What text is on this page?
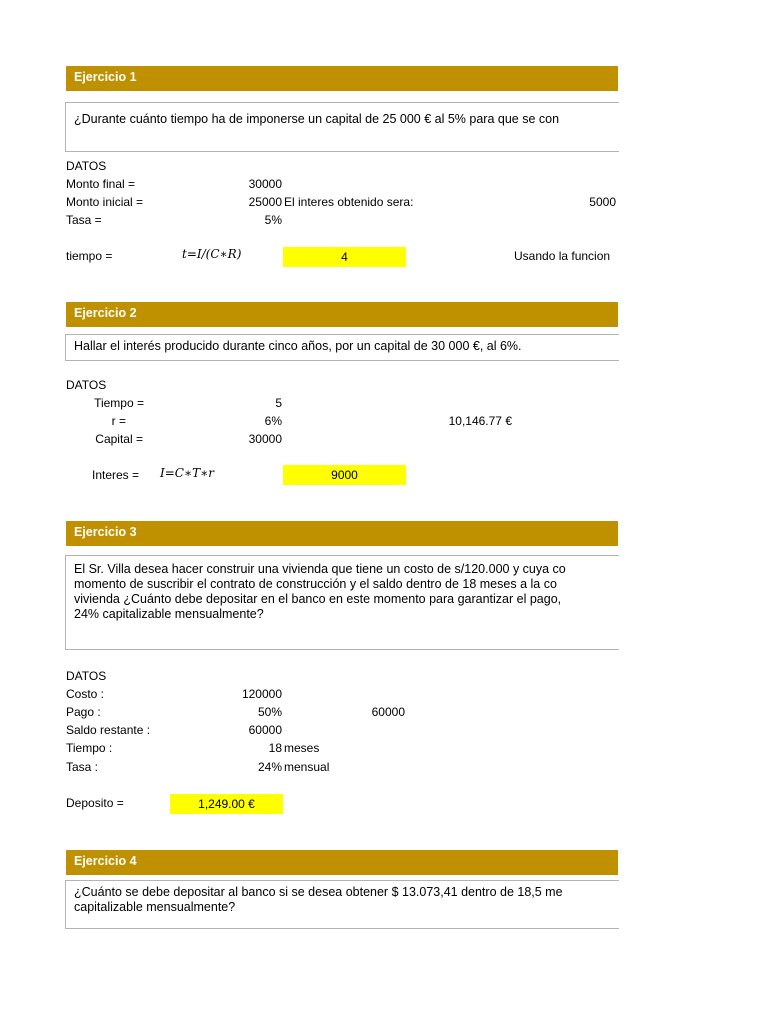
Ejercicio 1
¿Durante cuánto tiempo ha de imponerse un capital de 25 000 € al 5% para que se con
DATOS
Monto final =	30000
Monto inicial =	25000 El interes obtenido sera:	5000
Tasa =	5%
tiempo =	t=I/(C∗R)	4	Usando la funcion
Ejercicio 2
Hallar el interés producido durante cinco años, por un capital de 30 000 €, al 6%.
DATOS
Tiempo =	5
r =	6%	10,146.77 €
Capital =	30000
Interes = I=C∗T∗r	9000
Ejercicio 3
El Sr. Villa desea hacer construir una vivienda que tiene un costo de s/120.000 y cuya co
momento de suscribir el contrato de construcción y el saldo dentro de 18 meses a la co
vivienda ¿Cuánto debe depositar en el banco en este momento para garantizar el pago,
24% capitalizable mensualmente?
DATOS
Costo :	120000
Pago :	50%	60000
Saldo restante :	60000
Tiempo :	18 meses
Tasa :	24% mensual
Deposito =	1,249.00 €
Ejercicio 4
¿Cuánto se debe depositar al banco si se desea obtener $ 13.073,41 dentro de 18,5 me
capitalizable mensualmente?
